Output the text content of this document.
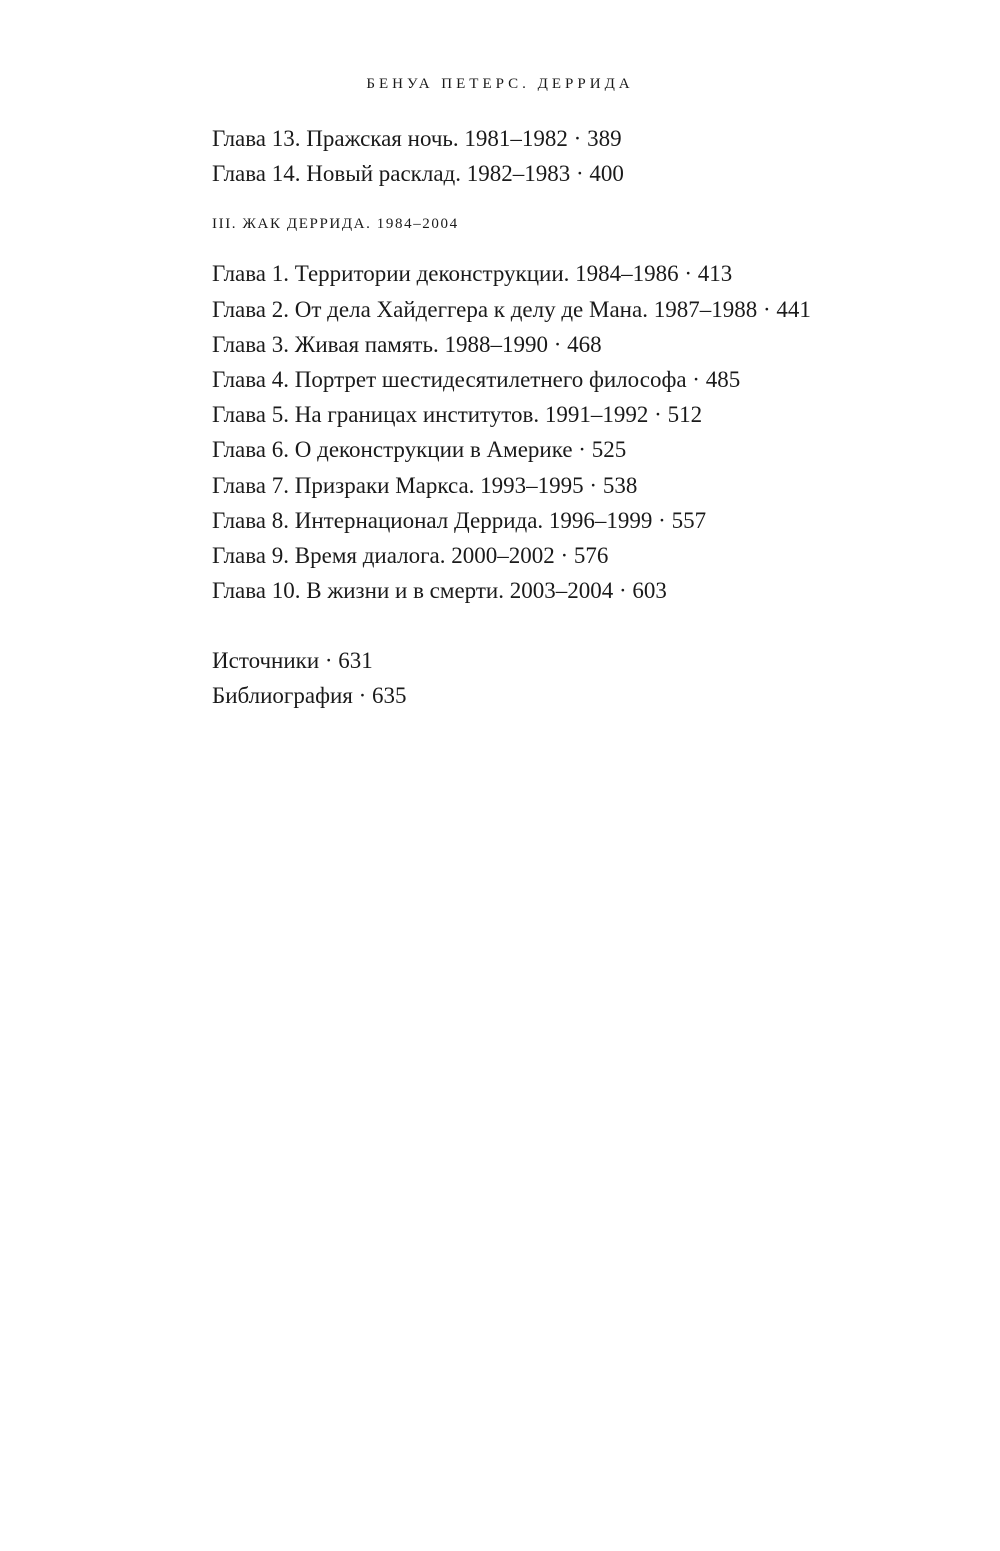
БЕНУА ПЕТЕРС. ДЕРРИДА
Глава 13. Пражская ночь. 1981–1982 · 389
Глава 14. Новый расклад. 1982–1983 · 400
III. ЖАК ДЕРРИДА. 1984–2004
Глава 1. Территории деконструкции. 1984–1986 · 413
Глава 2. От дела Хайдеггера к делу де Мана. 1987–1988 · 441
Глава 3. Живая память. 1988–1990 · 468
Глава 4. Портрет шестидесятилетнего философа · 485
Глава 5. На границах институтов. 1991–1992 · 512
Глава 6. О деконструкции в Америке · 525
Глава 7. Призраки Маркса. 1993–1995 · 538
Глава 8. Интернационал Деррида. 1996–1999 · 557
Глава 9. Время диалога. 2000–2002 · 576
Глава 10. В жизни и в смерти. 2003–2004 · 603
Источники · 631
Библиография · 635
